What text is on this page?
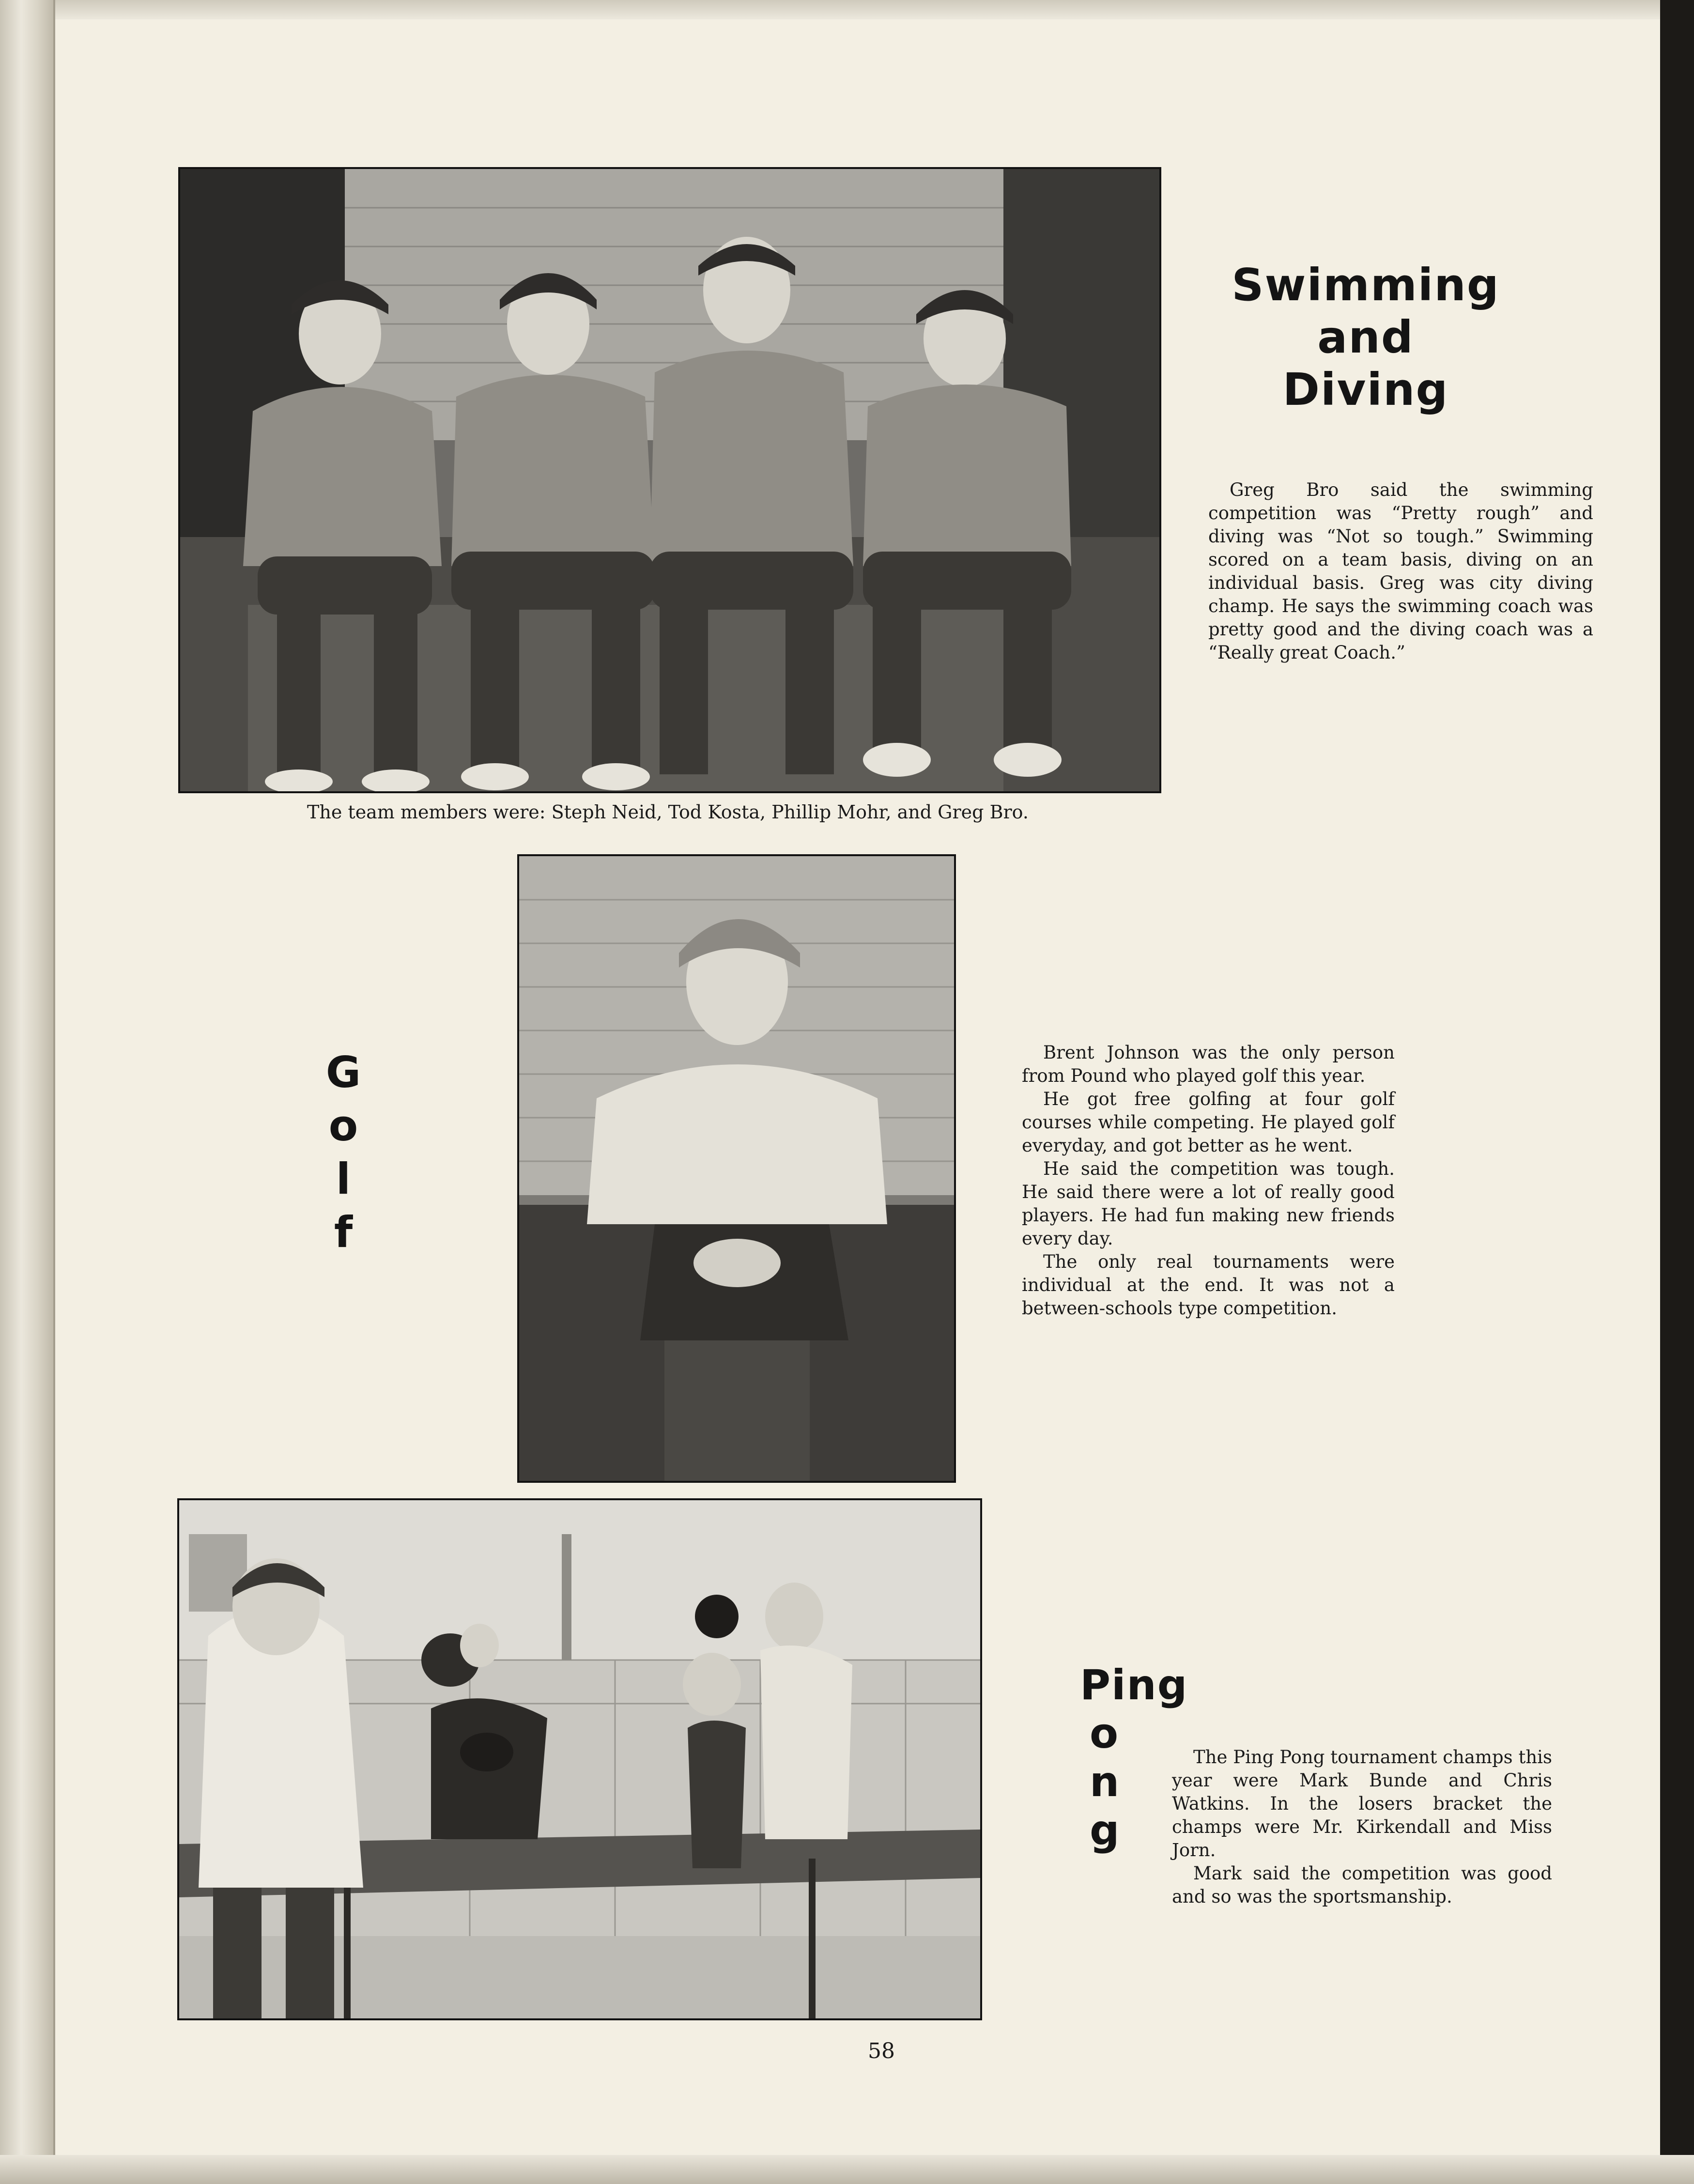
Swimming
and
Diving

Greg Bro said the swimming competition was “Pretty rough” and diving was “Not so tough.” Swimming scored on a team basis, diving on an individual basis. Greg was city diving champ. He says the swimming coach was pretty good and the diving coach was a “Really great Coach.”

The team members were: Steph Neid, Tod Kosta, Phillip Mohr, and Greg Bro.
G
o
l
f

Brent Johnson was the only person from Pound who played golf this year.

He got free golfing at four golf courses while competing. He played golf everyday, and got better as he went.

He said the competition was tough. He said there were a lot of really good players. He had fun making new friends every day.

The only real tournaments were individual at the end. It was not a between-schools type competition.

Ping
o
n
g

The Ping Pong tournament champs this year were Mark Bunde and Chris Watkins. In the losers bracket the champs were Mr. Kirkendall and Miss Jorn.

Mark said the competition was good and so was the sportsmanship.

58
